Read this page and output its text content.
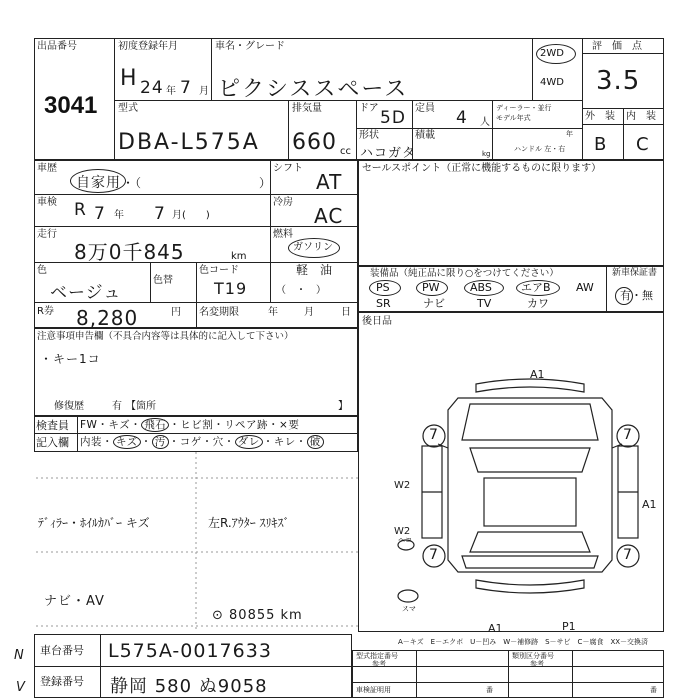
出品番号
3041
初度登録年月
H 24 年 7 月
車名・グレード
ピクシススペース
2WD
4WD
評　価　点
3.5
型式
DBA-L575A
排気量
660 cc
ドア 5D
形状
ハコガタ
定員 4 人
積載
kg
ディーラー・並行
モデル年式
年
ハンドル 左・右
外　装 内　装
B C
車歴
自家用 ・（　　　　　　　　　）
シフト
AT
車検 R 7 年 7 月(　　)
冷房
AC
走行
8万0千845	km
燃料
ガソリン
軽　油
（　・　）
色
ベージュ
色替
色コード
T19
R券 8,280	円 名変期限	年	月	日
注意事項申告欄（不具合内容等は具体的に記入して下さい）
・キー1コ
修復歴	有 【箇所	】
検査員
記入欄
FW・キズ・ 飛石 ・ヒビ割・リペア跡・×要
内装・ キズ ・ 汚 ・コゲ・穴・ ダレ ・キレ・ 破
ﾃﾞｨﾗｰ・ﾎｲﾙｶﾊﾞｰ キズ	左R.ｱｳﾀｰ ｽﾘｷｽﾞ
ナビ・AV
⊙ 80855 km
N
V
セールスポイント（正常に機能するものに限ります）
装備品（純正品に限り○をつけてください）	新車保証書
有・無
PS	PW	ABS	エアB AW
SR	ナビ	TV	カワ
後日品
A1
7	7
7	7
W2
W2
A1
A1	P1
スマ
ヘコ
A－キズ　E－エクボ　U－凹み　W－補修跡　S－サビ　C－腐食　XX－交換済
車台番号 L575A-0017633
登録番号 静岡 580 ぬ9058
型式指定番号
参考
類別区分番号
参考
車検証明用	番	番
